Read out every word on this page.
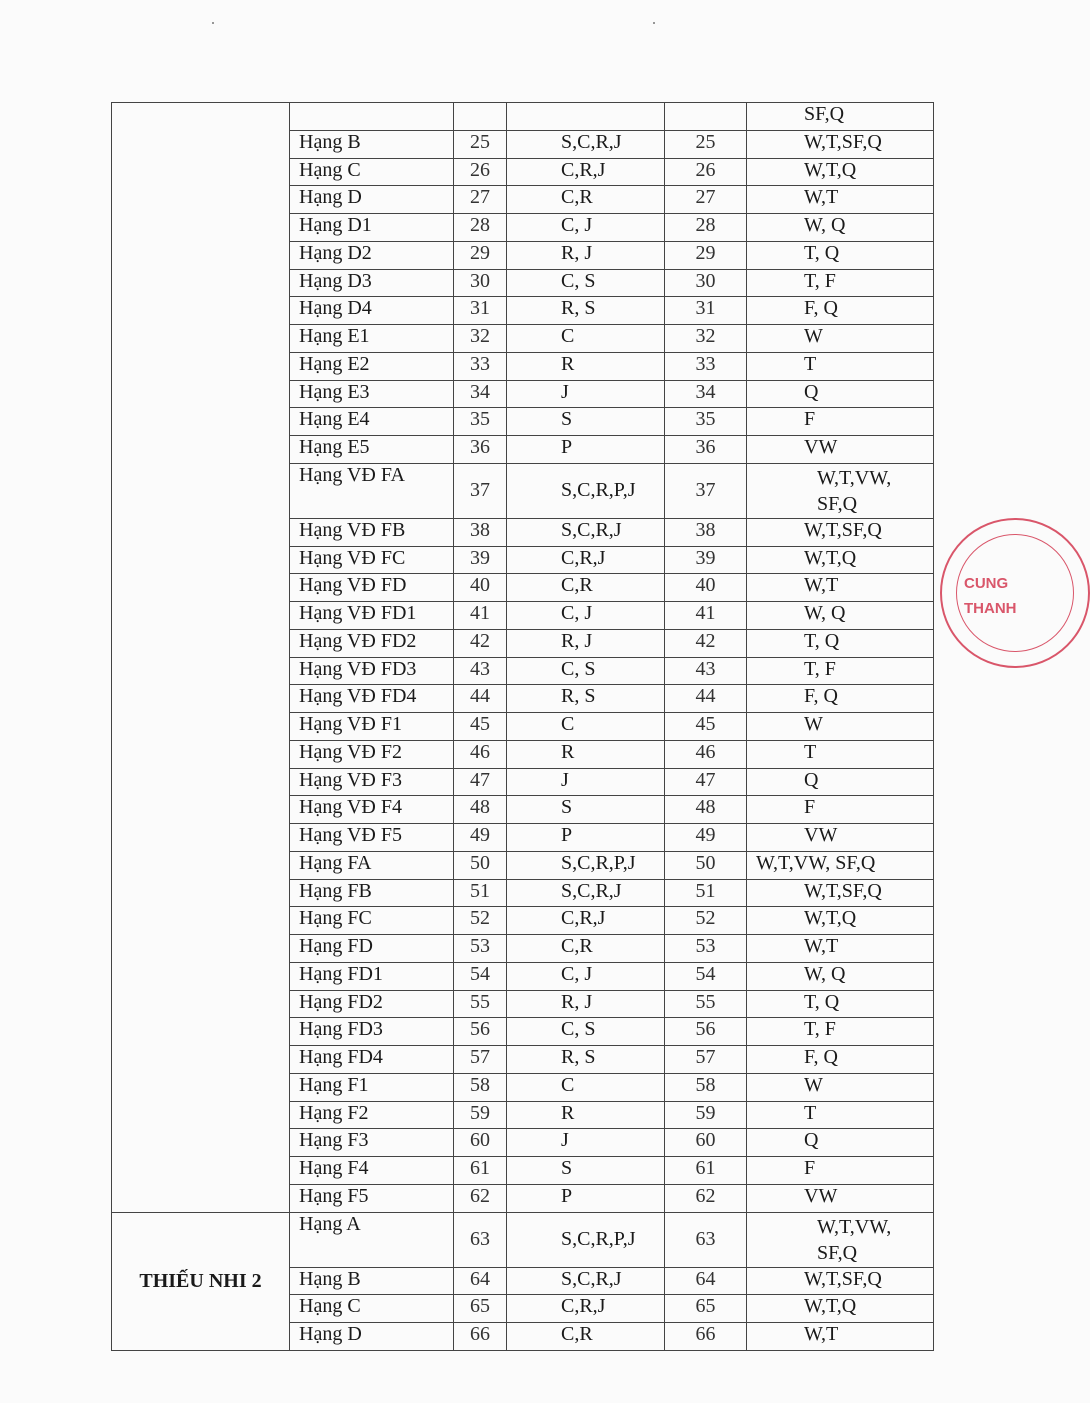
					SF,Q
	Hạng B	25	S,C,R,J	25	W,T,SF,Q
	Hạng C	26	C,R,J	26	W,T,Q
	Hạng D	27	C,R	27	W,T
	Hạng D1	28	C, J	28	W, Q
	Hạng D2	29	R, J	29	T, Q
	Hạng D3	30	C, S	30	T, F
	Hạng D4	31	R, S	31	F, Q
	Hạng E1	32	C	32	W
	Hạng E2	33	R	33	T
	Hạng E3	34	J	34	Q
	Hạng E4	35	S	35	F
	Hạng E5	36	P	36	VW
	Hạng VĐ FA	37	S,C,R,P,J	37	W,T,VW, SF,Q
	Hạng VĐ FB	38	S,C,R,J	38	W,T,SF,Q
	Hạng VĐ FC	39	C,R,J	39	W,T,Q
	Hạng VĐ FD	40	C,R	40	W,T
	Hạng VĐ FD1	41	C, J	41	W, Q
	Hạng VĐ FD2	42	R, J	42	T, Q
	Hạng VĐ FD3	43	C, S	43	T, F
	Hạng VĐ FD4	44	R, S	44	F, Q
	Hạng VĐ F1	45	C	45	W
	Hạng VĐ F2	46	R	46	T
	Hạng VĐ F3	47	J	47	Q
	Hạng VĐ F4	48	S	48	F
	Hạng VĐ F5	49	P	49	VW
	Hạng FA	50	S,C,R,P,J	50	W,T,VW, SF,Q
	Hạng FB	51	S,C,R,J	51	W,T,SF,Q
	Hạng FC	52	C,R,J	52	W,T,Q
	Hạng FD	53	C,R	53	W,T
	Hạng FD1	54	C, J	54	W, Q
	Hạng FD2	55	R, J	55	T, Q
	Hạng FD3	56	C, S	56	T, F
	Hạng FD4	57	R, S	57	F, Q
	Hạng F1	58	C	58	W
	Hạng F2	59	R	59	T
	Hạng F3	60	J	60	Q
	Hạng F4	61	S	61	F
	Hạng F5	62	P	62	VW
THIẾU NHI 2	Hạng A	63	S,C,R,P,J	63	W,T,VW, SF,Q
	Hạng B	64	S,C,R,J	64	W,T,SF,Q
	Hạng C	65	C,R,J	65	W,T,Q
	Hạng D	66	C,R	66	W,T
CUNG
THANH
